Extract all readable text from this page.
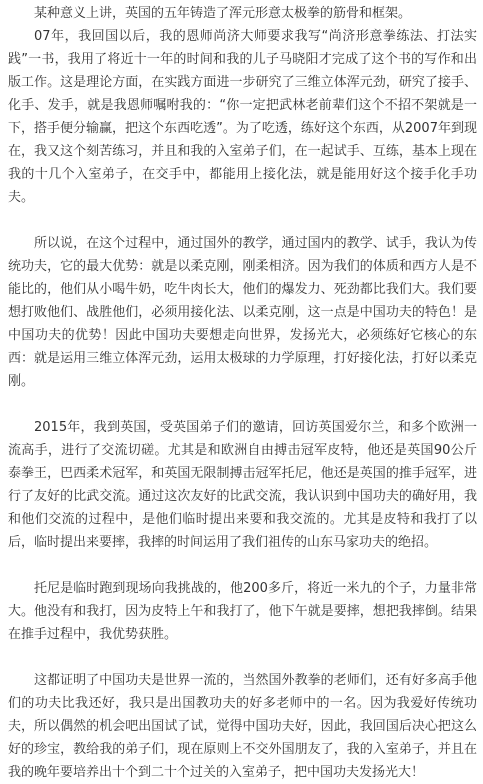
某种意义上讲，英国的五年铸造了浑元形意太极拳的筋骨和框架。

07年，我回国以后，我的恩师尚济大师要求我写“尚济形意拳练法、打法实践”一书，我用了将近十一年的时间和我的儿子马晓阳才完成了这个书的写作和出版工作。这是理论方面，在实践方面进一步研究了三维立体浑元劲，研究了接手、化手、发手，就是我恩师嘱咐我的：“你一定把武林老前辈们这个不招不架就是一下，搭手便分输赢，把这个东西吃透”。为了吃透，练好这个东西，从2007年到现在，我又这个刻苦练习，并且和我的入室弟子们，在一起试手、互练，基本上现在我的十几个入室弟子，在交手中，都能用上接化法，就是能用好这个接手化手功夫。

所以说，在这个过程中，通过国外的教学，通过国内的教学、试手，我认为传统功夫，它的最大优势：就是以柔克刚，刚柔相济。因为我们的体质和西方人是不能比的，他们从小喝牛奶，吃牛肉长大，他们的爆发力、死劲都比我们大。我们要想打败他们、战胜他们，必须用接化法、以柔克刚，这一点是中国功夫的特色！是中国功夫的优势！因此中国功夫要想走向世界，发扬光大，必须练好它核心的东西：就是运用三维立体浑元劲，运用太极球的力学原理，打好接化法，打好以柔克刚。

2015年，我到英国，受英国弟子们的邀请，回访英国爱尔兰，和多个欧洲一流高手，进行了交流切磋。尤其是和欧洲自由搏击冠军皮特，他还是英国90公斤泰拳王，巴西柔术冠军，和英国无限制搏击冠军托尼，他还是英国的推手冠军，进行了友好的比武交流。通过这次友好的比武交流，我认识到中国功夫的确好用，我和他们交流的过程中，是他们临时提出来要和我交流的。尤其是皮特和我打了以后，临时提出来要摔，我摔的时间运用了我们祖传的山东马家功夫的绝招。

托尼是临时跑到现场向我挑战的，他200多斤，将近一米九的个子，力量非常大。他没有和我打，因为皮特上午和我打了，他下午就是要摔，想把我摔倒。结果在推手过程中，我优势获胜。

这都证明了中国功夫是世界一流的，当然国外教拳的老师们，还有好多高手他们的功夫比我还好，我只是出国教功夫的好多老师中的一名。因为我爱好传统功夫，所以偶然的机会吧出国试了试，觉得中国功夫好，因此，我回国后决心把这么好的珍宝，教给我的弟子们，现在原则上不交外国朋友了，我的入室弟子，并且在我的晚年要培养出十个到二十个过关的入室弟子，把中国功夫发扬光大！
